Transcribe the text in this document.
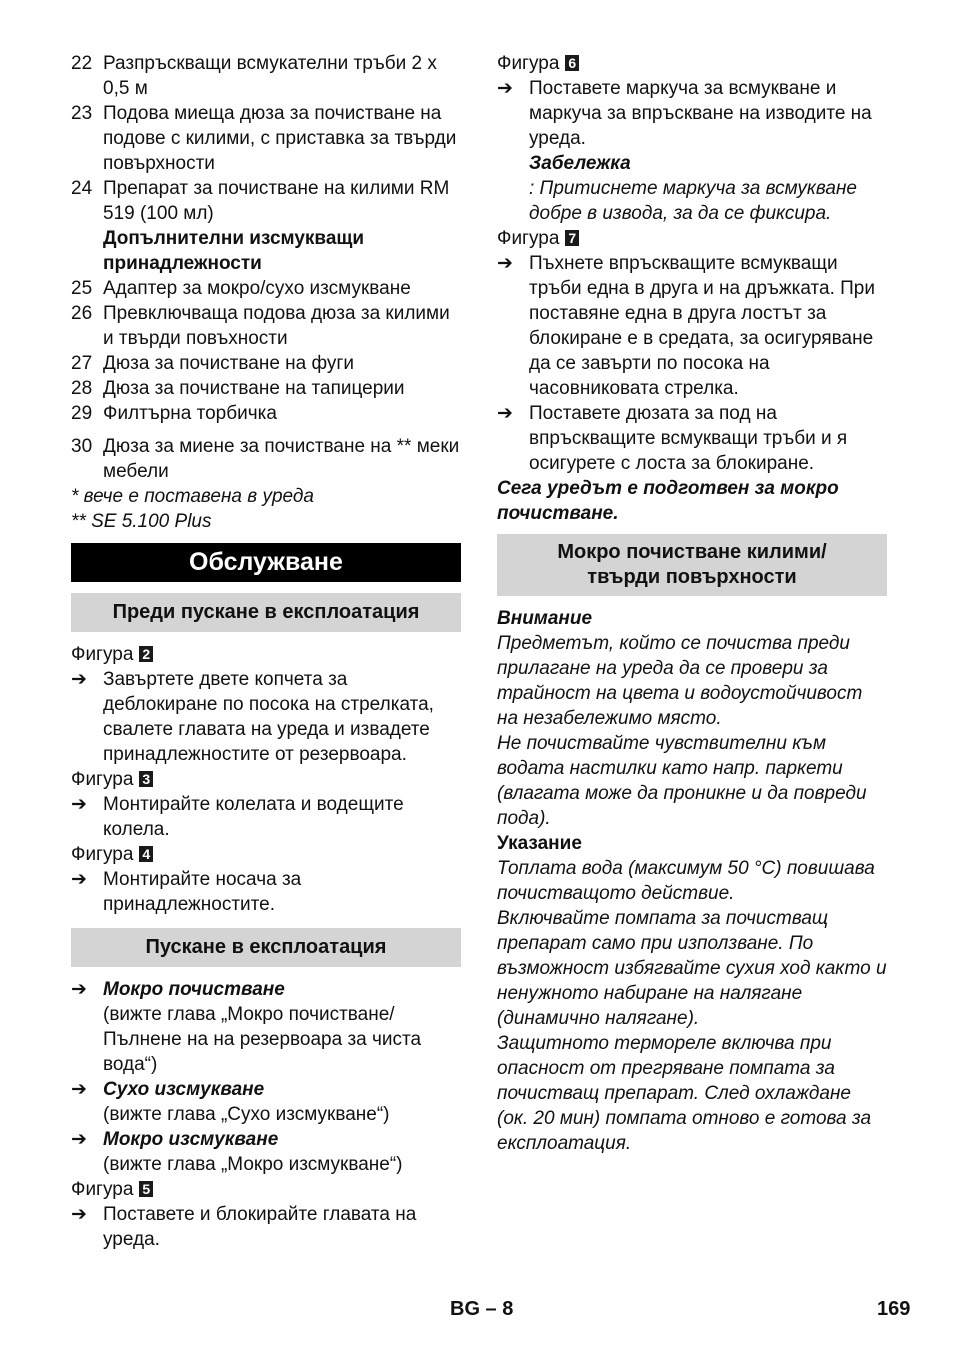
22 Разпръскващи всмукателни тръби 2 х 0,5 м
23 Подова миеща дюза за почистване на подове с килими, с приставка за твърди повърхности
24 Препарат за почистване на килими RM 519 (100 мл)
Допълнителни изсмукващи принадлежности
25 Адаптер за мокро/сухо изсмукване
26 Превключваща подова дюза за килими и твърди повъхности
27 Дюза за почистване на фуги
28 Дюза за почистване на тапицерии
29 Филтърна торбичка
30 Дюза за миене за почистване на ** меки мебели
* вече е поставена в уреда
** SE 5.100 Plus
Обслужване
Преди пускане в експлоатация
Фигура 2
➔ Завъртете двете копчета за деблокиране по посока на стрелката, свалете главата на уреда и извадете принадлежностите от резервоара.
Фигура 3
➔ Монтирайте колелата и водещите колела.
Фигура 4
➔ Монтирайте носача за принадлежностите.
Пускане в експлоатация
➔ Мокро почистване
(вижте глава „Мокро почистване/ Пълнене на на резервоара за чиста вода“)
➔ Сухо изсмукване
(вижте глава „Сухо изсмукване“)
➔ Мокро изсмукване
(вижте глава „Мокро изсмукване“)
Фигура 5
➔ Поставете и блокирайте главата на уреда.
Фигура 6
➔ Поставете маркуча за всмукване и маркуча за впръскване на изводите на уреда.
Забележка
: Притиснете маркуча за всмукване добре в извода, за да се фиксира.
Фигура 7
➔ Пъхнете впръскващите всмукващи тръби една в друга и на дръжката. При поставяне една в друга лостът за блокиране е в средата, за осигуряване да се завърти по посока на часовниковата стрелка.
➔ Поставете дюзата за под на впръскващите всмукващи тръби и я осигурете с лоста за блокиране.
Сега уредът е подготвен за мокро почистване.
Мокро почистване килими/
твърди повърхности
Внимание
Предметът, който се почиства преди прилагане на уреда да се провери за трайност на цвета и водоустойчивост на незабележимо място.
Не почиствайте чувствителни към водата настилки като напр. паркети (влагата може да проникне и да повреди пода).
Указание
Топлата вода (максимум 50 °C) повишава почистващото действие.
Включвайте помпата за почистващ препарат само при използване. По възможност избягвайте сухия ход както и ненужното набиране на налягане (динамично налягане).
Защитното термореле включва при опасност от прегряване помпата за почистващ препарат. След охлаждане (ок. 20 мин) помпата отново е готова за експлоатация.
BG – 8	169
